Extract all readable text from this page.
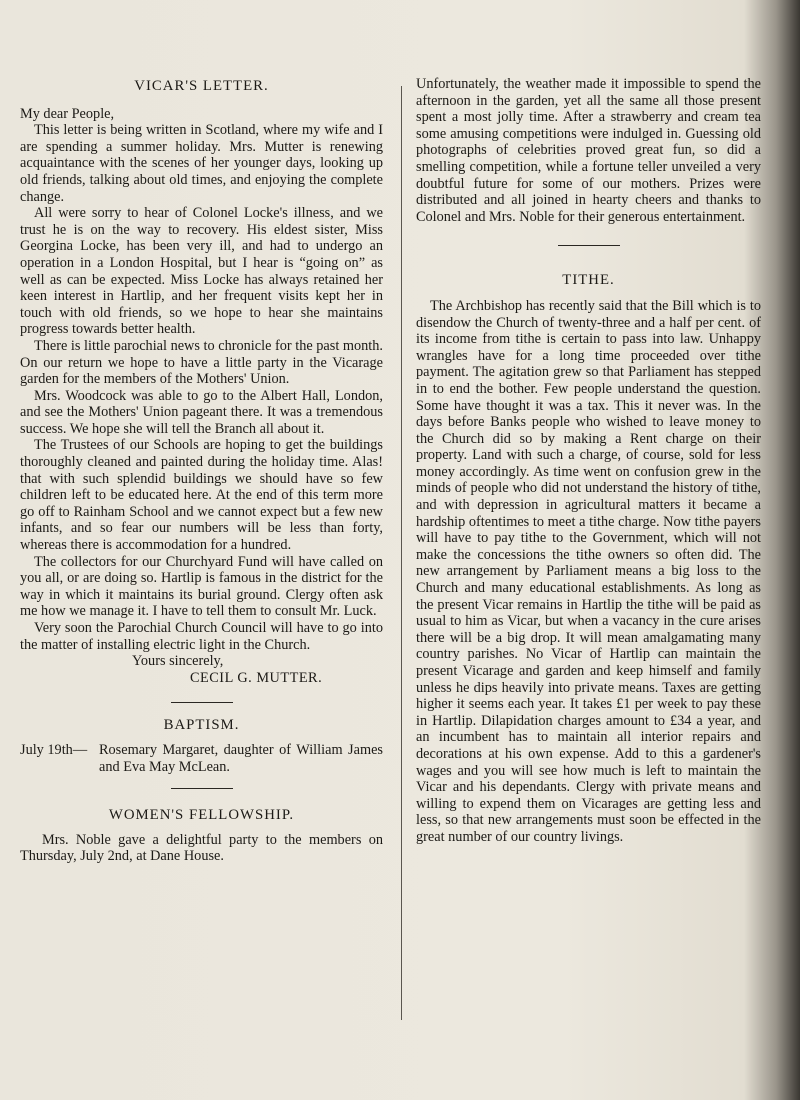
VICAR'S LETTER.

My dear People,

This letter is being written in Scotland, where my wife and I are spending a summer holiday. Mrs. Mutter is renewing acquaintance with the scenes of her younger days, looking up old friends, talking about old times, and enjoying the complete change.

All were sorry to hear of Colonel Locke's illness, and we trust he is on the way to recovery. His eldest sister, Miss Georgina Locke, has been very ill, and had to undergo an operation in a London Hospital, but I hear is “going on” as well as can be expected. Miss Locke has always retained her keen interest in Hartlip, and her frequent visits kept her in touch with old friends, so we hope to hear she maintains progress towards better health.

There is little parochial news to chronicle for the past month. On our return we hope to have a little party in the Vicarage garden for the members of the Mothers' Union.

Mrs. Woodcock was able to go to the Albert Hall, London, and see the Mothers' Union pageant there. It was a tremendous success. We hope she will tell the Branch all about it.

The Trustees of our Schools are hoping to get the buildings thoroughly cleaned and painted during the holiday time. Alas! that with such splendid buildings we should have so few children left to be educated here. At the end of this term more go off to Rainham School and we cannot expect but a few new infants, and so fear our numbers will be less than forty, whereas there is accommodation for a hundred.

The collectors for our Churchyard Fund will have called on you all, or are doing so. Hartlip is famous in the district for the way in which it maintains its burial ground. Clergy often ask me how we manage it. I have to tell them to consult Mr. Luck.

Very soon the Parochial Church Council will have to go into the matter of installing electric light in the Church.

Yours sincerely,

CECIL G. MUTTER.

BAPTISM.

July 19th— Rosemary Margaret, daughter of William James and Eva May McLean.

WOMEN'S FELLOWSHIP.

Mrs. Noble gave a delightful party to the members on Thursday, July 2nd, at Dane House.

Unfortunately, the weather made it impossible to spend the afternoon in the garden, yet all the same all those present spent a most jolly time. After a strawberry and cream tea some amusing competitions were indulged in. Guessing old photographs of celebrities proved great fun, so did a smelling competition, while a fortune teller unveiled a very doubtful future for some of our mothers. Prizes were distributed and all joined in hearty cheers and thanks to Colonel and Mrs. Noble for their generous entertainment.

TITHE.

The Archbishop has recently said that the Bill which is to disendow the Church of twenty-three and a half per cent. of its income from tithe is certain to pass into law. Unhappy wrangles have for a long time proceeded over tithe payment. The agitation grew so that Parliament has stepped in to end the bother. Few people understand the question. Some have thought it was a tax. This it never was. In the days before Banks people who wished to leave money to the Church did so by making a Rent charge on their property. Land with such a charge, of course, sold for less money accordingly. As time went on confusion grew in the minds of people who did not understand the history of tithe, and with depression in agricultural matters it became a hardship oftentimes to meet a tithe charge. Now tithe payers will have to pay tithe to the Government, which will not make the concessions the tithe owners so often did. The new arrangement by Parliament means a big loss to the Church and many educational establishments. As long as the present Vicar remains in Hartlip the tithe will be paid as usual to him as Vicar, but when a vacancy in the cure arises there will be a big drop. It will mean amalgamating many country parishes. No Vicar of Hartlip can maintain the present Vicarage and garden and keep himself and family unless he dips heavily into private means. Taxes are getting higher it seems each year. It takes £1 per week to pay these in Hartlip. Dilapidation charges amount to £34 a year, and an incumbent has to maintain all interior repairs and decorations at his own expense. Add to this a gardener's wages and you will see how much is left to maintain the Vicar and his dependants. Clergy with private means and willing to expend them on Vicarages are getting less and less, so that new arrangements must soon be effected in the great number of our country livings.
